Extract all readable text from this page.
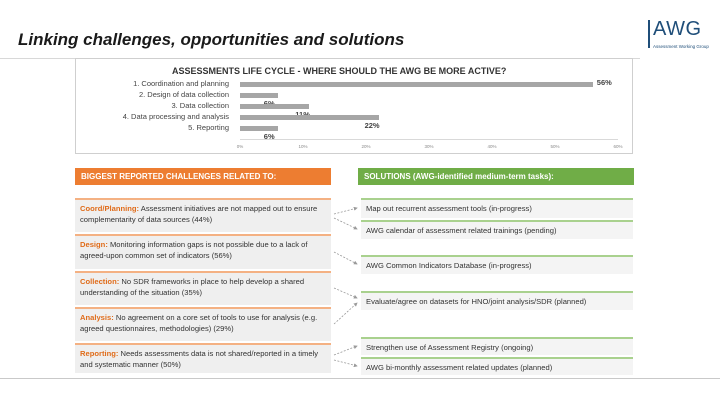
Linking challenges, opportunities and solutions	AWG
Assessment Working Group
ASSESSMENTS LIFE CYCLE - WHERE SHOULD THE AWG BE MORE ACTIVE?
1. Coordination and planning	56%
2. Design of data collection
3. Data collection
4. Data processing and analysis
22%
5. Reporting
6%
0%	10%	20%	30%	40%	50%	60%
BIGGEST REPORTED CHALLENGES RELATED TO:	SOLUTIONS (AWG-identified medium-term tasks):
Coord/Planning: Assessment initiatives are not mapped out to ensure complementarity of data sources (44%)
Design: Monitoring information gaps is not possible due to a lack of agreed-upon common set of indicators (56%)
Collection: No SDR frameworks in place to help develop a shared understanding of the situation (35%)
Analysis: No agreement on a core set of tools to use for analysis (e.g. agreed questionnaires, methodologies) (29%)
Reporting: Needs assessments data is not shared/reported in a timely and systematic manner (50%)
Map out recurrent assessment tools (in-progress)
AWG calendar of assessment related trainings (pending)
AWG Common Indicators Database (in-progress)
Evaluate/agree on datasets for HNO/joint analysis/SDR (planned)
Strengthen use of Assessment Registry (ongoing)
AWG bi-monthly assessment related updates (planned)
